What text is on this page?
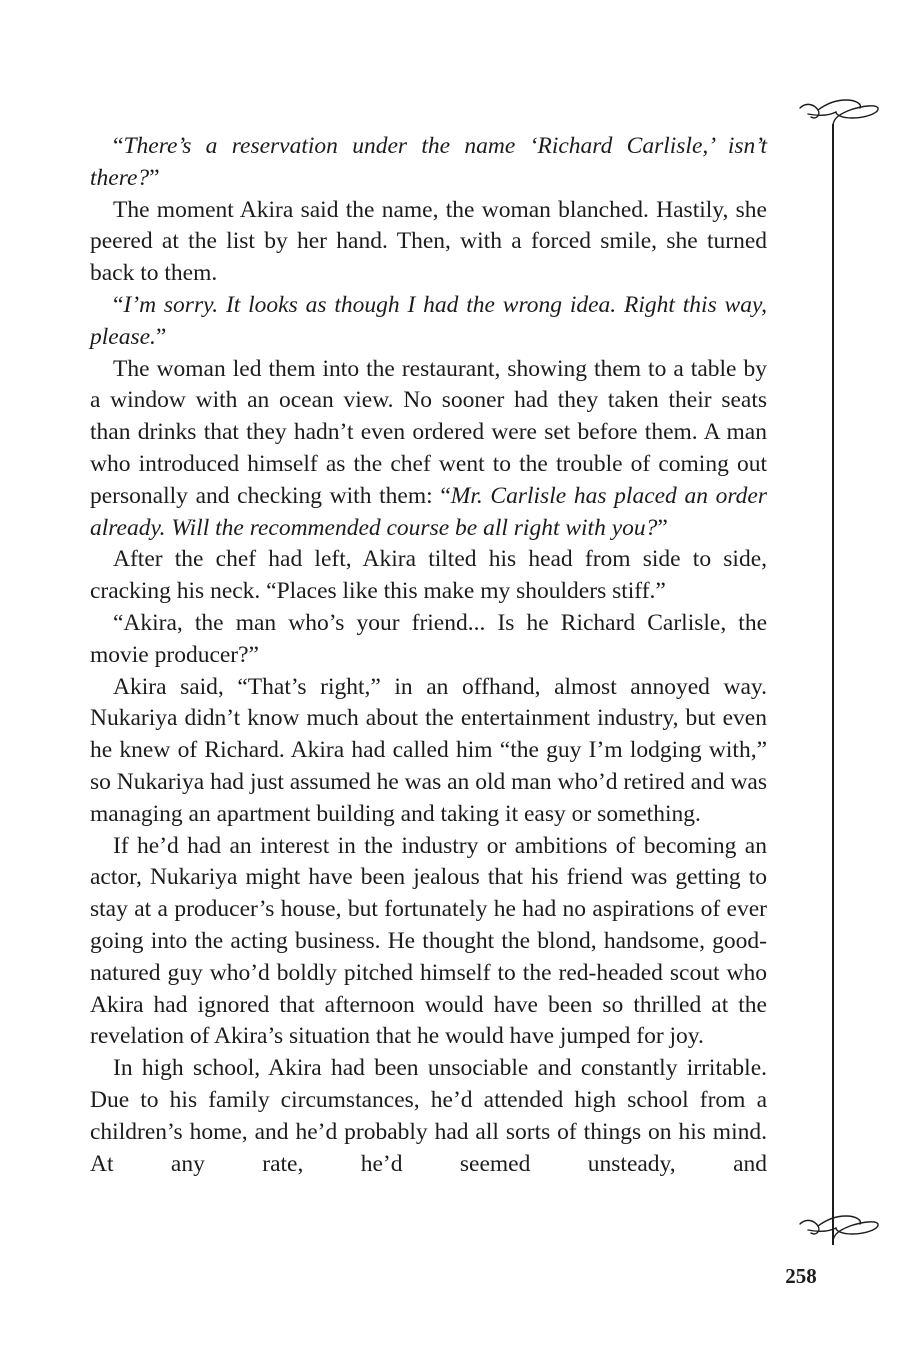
“There’s a reservation under the name ‘Richard Carlisle,’ isn’t there?”

The moment Akira said the name, the woman blanched. Hastily, she peered at the list by her hand. Then, with a forced smile, she turned back to them.

“I’m sorry. It looks as though I had the wrong idea. Right this way, please.”

The woman led them into the restaurant, showing them to a table by a window with an ocean view. No sooner had they taken their seats than drinks that they hadn’t even ordered were set before them. A man who introduced himself as the chef went to the trouble of coming out personally and checking with them: “Mr. Carlisle has placed an order already. Will the recommended course be all right with you?”

After the chef had left, Akira tilted his head from side to side, cracking his neck. “Places like this make my shoulders stiff.”

“Akira, the man who’s your friend... Is he Richard Carlisle, the movie producer?”

Akira said, “That’s right,” in an offhand, almost annoyed way. Nukariya didn’t know much about the entertainment industry, but even he knew of Richard. Akira had called him “the guy I’m lodging with,” so Nukariya had just assumed he was an old man who’d retired and was managing an apartment building and taking it easy or something.

If he’d had an interest in the industry or ambitions of becoming an actor, Nukariya might have been jealous that his friend was getting to stay at a producer’s house, but fortunately he had no aspirations of ever going into the acting business. He thought the blond, handsome, good-natured guy who’d boldly pitched himself to the red-headed scout who Akira had ignored that afternoon would have been so thrilled at the revelation of Akira’s situation that he would have jumped for joy.

In high school, Akira had been unsociable and constantly irritable. Due to his family circumstances, he’d attended high school from a children’s home, and he’d probably had all sorts of things on his mind. At any rate, he’d seemed unsteady, and

258
